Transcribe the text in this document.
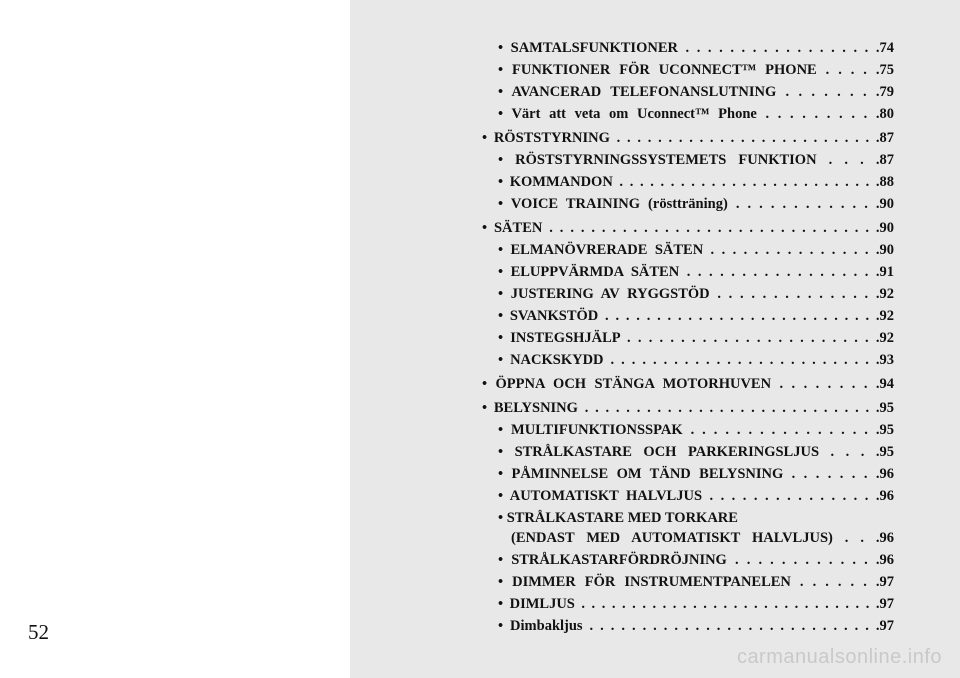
52
• SAMTALSFUNKTIONER . . . . . . . . . . . . . . . . . .74
• FUNKTIONER FÖR UCONNECT™ PHONE . . . . .75
• AVANCERAD TELEFONANSLUTNING . . . . . . . .79
• Värt att veta om Uconnect™ Phone . . . . . . . . . .80
• RÖSTSTYRNING . . . . . . . . . . . . . . . . . . . . . . . . . .87
• RÖSTSTYRNINGSSYSTEMETS FUNKTION . . . .87
• KOMMANDON . . . . . . . . . . . . . . . . . . . . . . . . . .88
• VOICE TRAINING (röstträning) . . . . . . . . . . . . .90
• SÄTEN . . . . . . . . . . . . . . . . . . . . . . . . . . . . . . . .90
• ELMANÖVRERADE SÄTEN . . . . . . . . . . . . . . . .90
• ELUPPVÄRMDA SÄTEN . . . . . . . . . . . . . . . . . .91
• JUSTERING AV RYGGSTÖD . . . . . . . . . . . . . . .92
• SVANKSTÖD . . . . . . . . . . . . . . . . . . . . . . . . . . .92
• INSTEGSHJÄLP . . . . . . . . . . . . . . . . . . . . . . . .92
• NACKSKYDD . . . . . . . . . . . . . . . . . . . . . . . . . .93
• ÖPPNA OCH STÄNGA MOTORHUVEN . . . . . . . . .94
• BELYSNING . . . . . . . . . . . . . . . . . . . . . . . . . . . . .95
• MULTIFUNKTIONSSPAK . . . . . . . . . . . . . . . . .95
• STRÅLKASTARE OCH PARKERINGSLJUS . . . .95
• PÅMINNELSE OM TÄND BELYSNING . . . . . . . .96
• AUTOMATISKT HALVLJUS . . . . . . . . . . . . . . . .96
• STRÅLKASTARE MED TORKARE
(ENDAST MED AUTOMATISKT HALVLJUS) . . .96
• STRÅLKASTARFÖRDRÖJNING . . . . . . . . . . . . .96
• DIMMER FÖR INSTRUMENTPANELEN . . . . . . .97
• DIMLJUS . . . . . . . . . . . . . . . . . . . . . . . . . . . . . .97
• Dimbakljus . . . . . . . . . . . . . . . . . . . . . . . . . . . .97
carmanualsonline.info
